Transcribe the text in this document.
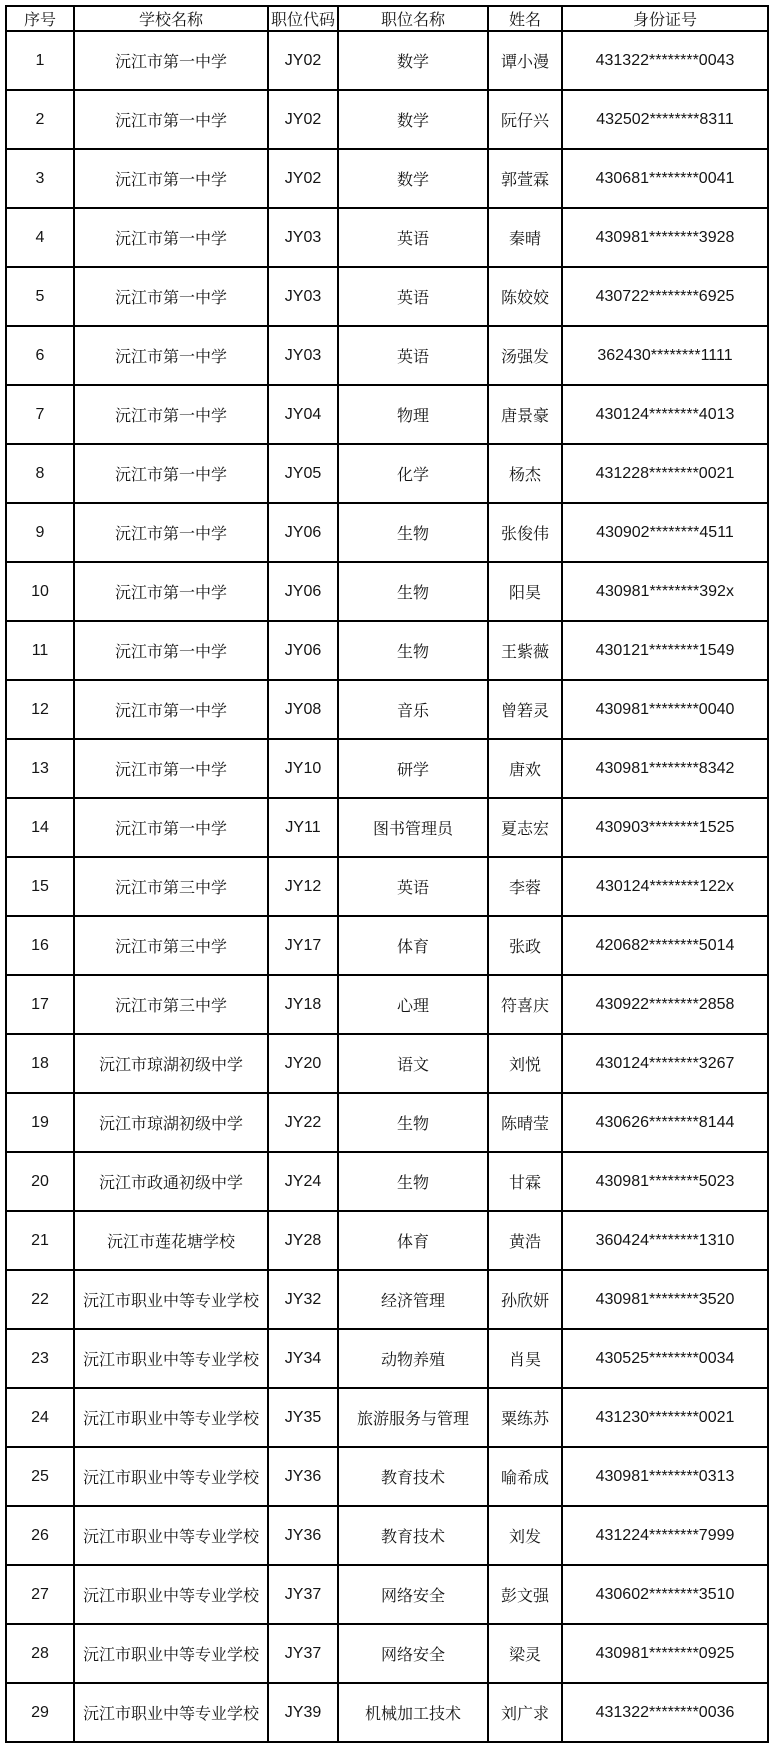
序号	学校名称	职位代码	职位名称	姓名	身份证号
1	沅江市第一中学	JY02	数学	谭小漫	431322********0043
2	沅江市第一中学	JY02	数学	阮仔兴	432502********8311
3	沅江市第一中学	JY02	数学	郭萱霖	430681********0041
4	沅江市第一中学	JY03	英语	秦晴	430981********3928
5	沅江市第一中学	JY03	英语	陈姣姣	430722********6925
6	沅江市第一中学	JY03	英语	汤强发	362430********1111
7	沅江市第一中学	JY04	物理	唐景豪	430124********4013
8	沅江市第一中学	JY05	化学	杨杰	431228********0021
9	沅江市第一中学	JY06	生物	张俊伟	430902********4511
10	沅江市第一中学	JY06	生物	阳昊	430981********392x
11	沅江市第一中学	JY06	生物	王紫薇	430121********1549
12	沅江市第一中学	JY08	音乐	曾箬灵	430981********0040
13	沅江市第一中学	JY10	研学	唐欢	430981********8342
14	沅江市第一中学	JY11	图书管理员	夏志宏	430903********1525
15	沅江市第三中学	JY12	英语	李蓉	430124********122x
16	沅江市第三中学	JY17	体育	张政	420682********5014
17	沅江市第三中学	JY18	心理	符喜庆	430922********2858
18	沅江市琼湖初级中学	JY20	语文	刘悦	430124********3267
19	沅江市琼湖初级中学	JY22	生物	陈晴莹	430626********8144
20	沅江市政通初级中学	JY24	生物	甘霖	430981********5023
21	沅江市莲花塘学校	JY28	体育	黄浩	360424********1310
22	沅江市职业中等专业学校	JY32	经济管理	孙欣妍	430981********3520
23	沅江市职业中等专业学校	JY34	动物养殖	肖昊	430525********0034
24	沅江市职业中等专业学校	JY35	旅游服务与管理	粟练苏	431230********0021
25	沅江市职业中等专业学校	JY36	教育技术	喻希成	430981********0313
26	沅江市职业中等专业学校	JY36	教育技术	刘发	431224********7999
27	沅江市职业中等专业学校	JY37	网络安全	彭文强	430602********3510
28	沅江市职业中等专业学校	JY37	网络安全	梁灵	430981********0925
29	沅江市职业中等专业学校	JY39	机械加工技术	刘广求	431322********0036
